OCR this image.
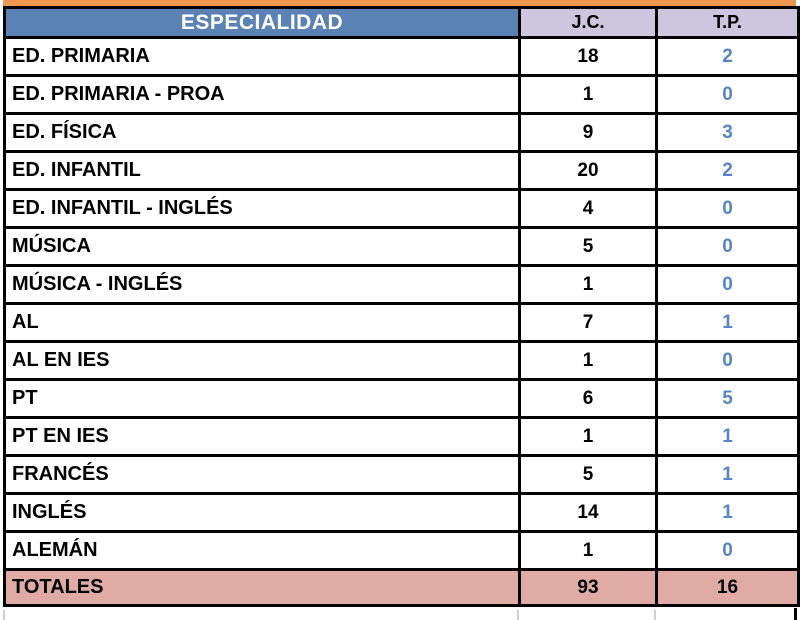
ESPECIALIDAD	J.C.	T.P.
ED. PRIMARIA	18	2
ED. PRIMARIA - PROA	1	0
ED. FÍSICA	9	3
ED. INFANTIL	20	2
ED. INFANTIL - INGLÉS	4	0
MÚSICA	5	0
MÚSICA - INGLÉS	1	0
AL	7	1
AL EN IES	1	0
PT	6	5
PT EN IES	1	1
FRANCÉS	5	1
INGLÉS	14	1
ALEMÁN	1	0
TOTALES	93	16
